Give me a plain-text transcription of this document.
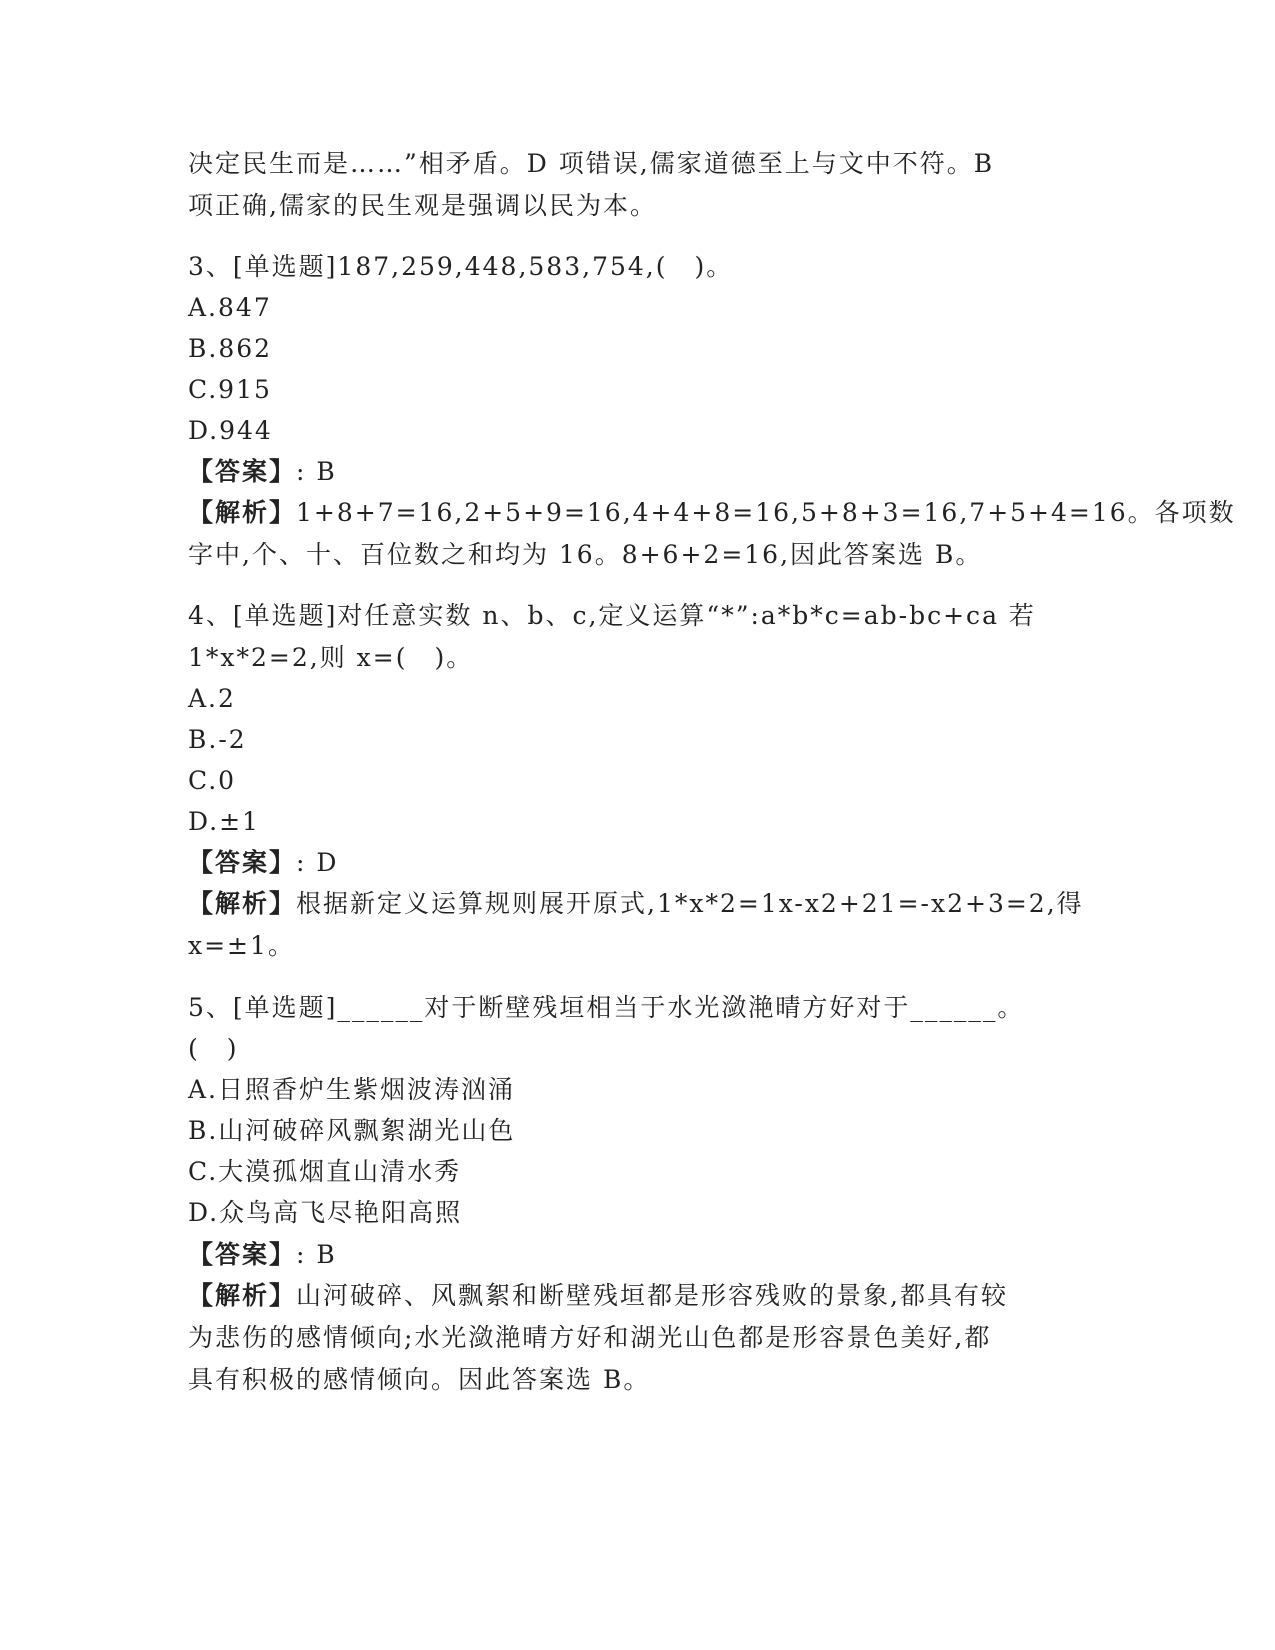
决定民生而是……”相矛盾。D 项错误,儒家道德至上与文中不符。B
项正确,儒家的民生观是强调以民为本。
3、[单选题]187,259,448,583,754,(　)。
A.847
B.862
C.915
D.944
【答案】: B
【解析】1+8+7=16,2+5+9=16,4+4+8=16,5+8+3=16,7+5+4=16。各项数
字中,个、十、百位数之和均为 16。8+6+2=16,因此答案选 B。
4、[单选题]对任意实数 n、b、c,定义运算“*”:a*b*c=ab-bc+ca 若
1*x*2=2,则 x=(　)。
A.2
B.-2
C.0
D.±1
【答案】: D
【解析】根据新定义运算规则展开原式,1*x*2=1x-x2+21=-x2+3=2,得
x=±1。
5、[单选题]______对于断壁残垣相当于水光潋滟晴方好对于______。
(　)
A.日照香炉生紫烟波涛汹涌
B.山河破碎风飘絮湖光山色
C.大漠孤烟直山清水秀
D.众鸟高飞尽艳阳高照
【答案】: B
【解析】山河破碎、风飘絮和断壁残垣都是形容残败的景象,都具有较
为悲伤的感情倾向;水光潋滟晴方好和湖光山色都是形容景色美好,都
具有积极的感情倾向。因此答案选 B。
